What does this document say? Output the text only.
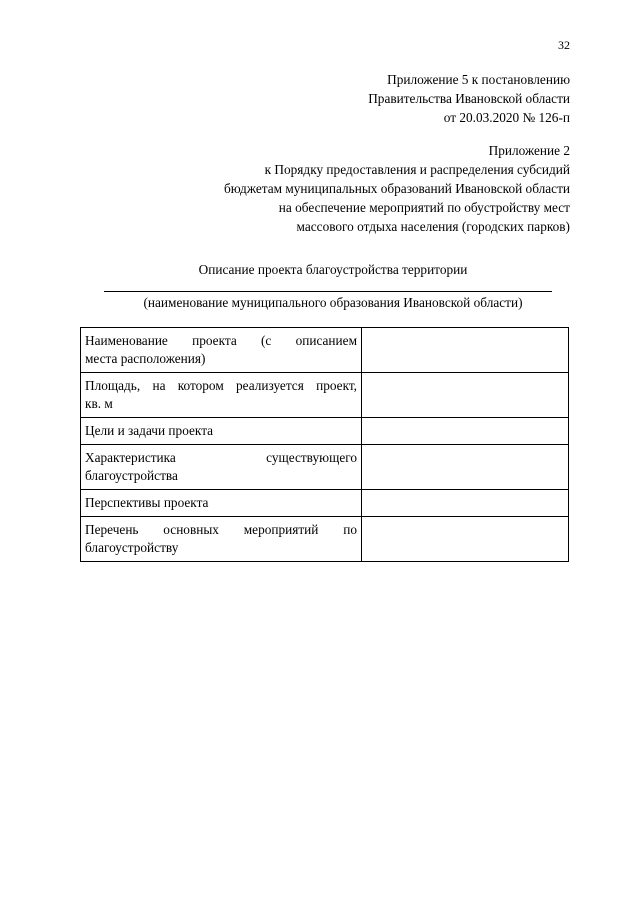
32
Приложение 5 к постановлению
Правительства Ивановской области
от 20.03.2020 № 126-п
Приложение 2
к Порядку предоставления и распределения субсидий
бюджетам муниципальных образований Ивановской области
на обеспечение мероприятий по обустройству мест
массового отдыха населения (городских парков)
Описание проекта благоустройства территории
(наименование муниципального образования Ивановской области)
Наименование проекта (с описанием
места расположения)	

Площадь, на котором реализуется проект,
кв. м	

Цели и задачи проекта	

Характеристика существующего
благоустройства	

Перспективы проекта	

Перечень основных мероприятий по
благоустройству	
